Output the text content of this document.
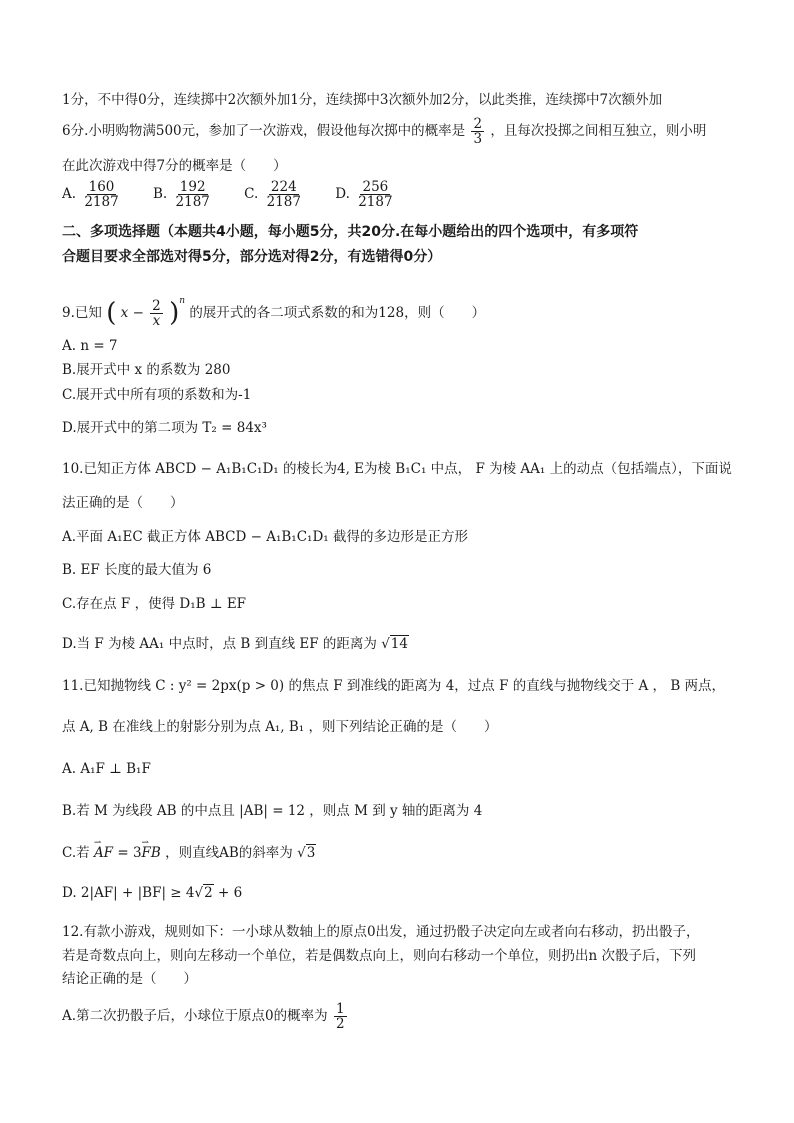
1分，不中得0分，连续掷中2次额外加1分，连续掷中3次额外加2分，以此类推，连续掷中7次额外加
6分.小明购物满500元，参加了一次游戏，假设他每次掷中的概率是 $\frac{2}{3}$ ，且每次投掷之间相互独立，则小明
在此次游戏中得7分的概率是（　　）
A. $\frac{160}{2187} B$. $\frac{192}{2187} C$. $\frac{224}{2187} D$. $\frac{256}{2187}$
二、多项选择题（本题共4小题，每小题5分，共20分.在每小题给出的四个选项中，有多项符
合题目要求全部选对得5分，部分选对得2分，有选错得0分）
9.已知 ( $x - \frac{2}{x} )^n$ 的展开式的各二项式系数的和为128，则（　　）
A. n = 7
B.展开式中 x 的系数为 280
C.展开式中所有项的系数和为-1
D.展开式中的第二项为 T₂ = 84x³
10.已知正方体 ABCD − A₁B₁C₁D₁ 的棱长为4, E为棱 B₁C₁ 中点， F 为棱 AA₁ 上的动点（包括端点），下面说
法正确的是（　　）
A.平面 A₁EC 截正方体 ABCD − A₁B₁C₁D₁ 截得的多边形是正方形
B. EF 长度的最大值为 6
C.存在点 F ，使得 D₁B ⊥ EF
D.当 F 为棱 AA₁ 中点时，点 B 到直线 EF 的距离为 √14
11.已知抛物线 C : y² = 2px(p > 0) 的焦点 F 到准线的距离为 4，过点 F 的直线与抛物线交于 A ， B 两点，
点 A, B 在准线上的射影分别为点 A₁, B₁ ，则下列结论正确的是（　　）
A. A₁F ⊥ B₁F
B.若 M 为线段 AB 的中点且 |AB| = 12 ，则点 M 到 y 轴的距离为 4
C.若 ⇀ AF = 3⇀ FB ，则直线AB的斜率为 √3
D. 2|AF| + |BF| ≥ 4√2 + 6
12.有款小游戏，规则如下：一小球从数轴上的原点0出发，通过扔骰子决定向左或者向右移动，扔出骰子，
若是奇数点向上，则向左移动一个单位，若是偶数点向上，则向右移动一个单位，则扔出n 次骰子后，下列
结论正确的是（　　）
A.第二次扔骰子后，小球位于原点0的概率为 $\frac{1}{2}$
